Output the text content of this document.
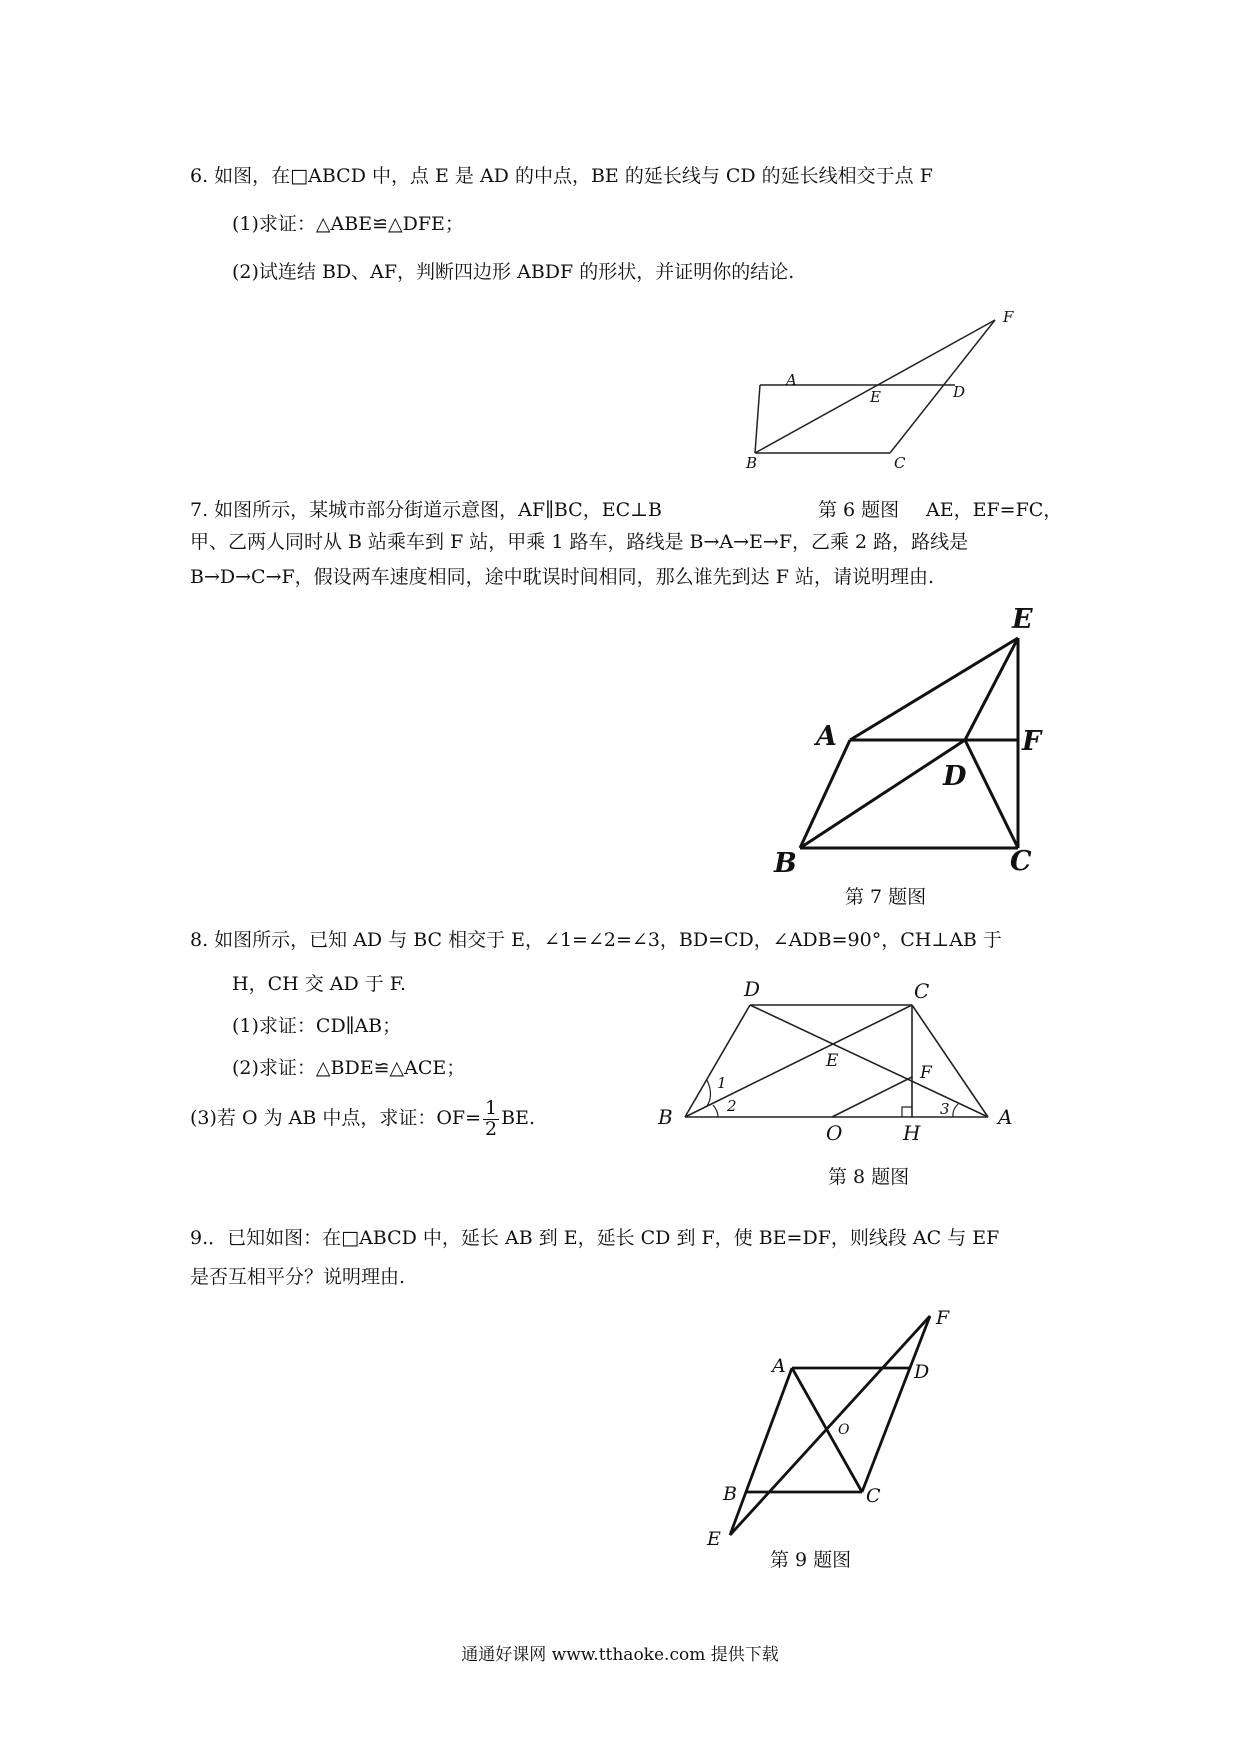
6. 如图，在□ABCD 中，点 E 是 AD 的中点，BE 的延长线与 CD 的延长线相交于点 F
(1)求证：△ABE≌△DFE；
(2)试连结 BD、AF，判断四边形 ABDF 的形状，并证明你的结论.
A
E	D
F
B	C
7. 如图所示，某城市部分街道示意图，AF∥BC，EC⊥B	第 6 题图 AE，EF=FC，
甲、乙两人同时从 B 站乘车到 F 站，甲乘 1 路车，路线是 B→A→E→F，乙乘 2 路，路线是
B→D→C→F，假设两车速度相同，途中耽误时间相同，那么谁先到达 F 站，请说明理由.
E
A	F
D
B	C
第 7 题图
8. 如图所示，已知 AD 与 BC 相交于 E，∠1=∠2=∠3，BD=CD，∠ADB=90°，CH⊥AB 于
H，CH 交 AD 于 F.
(1)求证：CD∥AB；
(2)求证：△BDE≌△ACE；
(3)若 O 为 AB 中点，求证：$OF= \frac{1}{2}$ BE.
D	C
E
F
B
O	H
A
1
2	3
第 8 题图
9.．已知如图：在□ABCD 中，延长 AB 到 E，延长 CD 到 F，使 BE=DF，则线段 AC 与 EF
是否互相平分？说明理由.
F
A	D
O
B	C
E
第 9 题图
通通好课网 www.tthaoke.com 提供下载
